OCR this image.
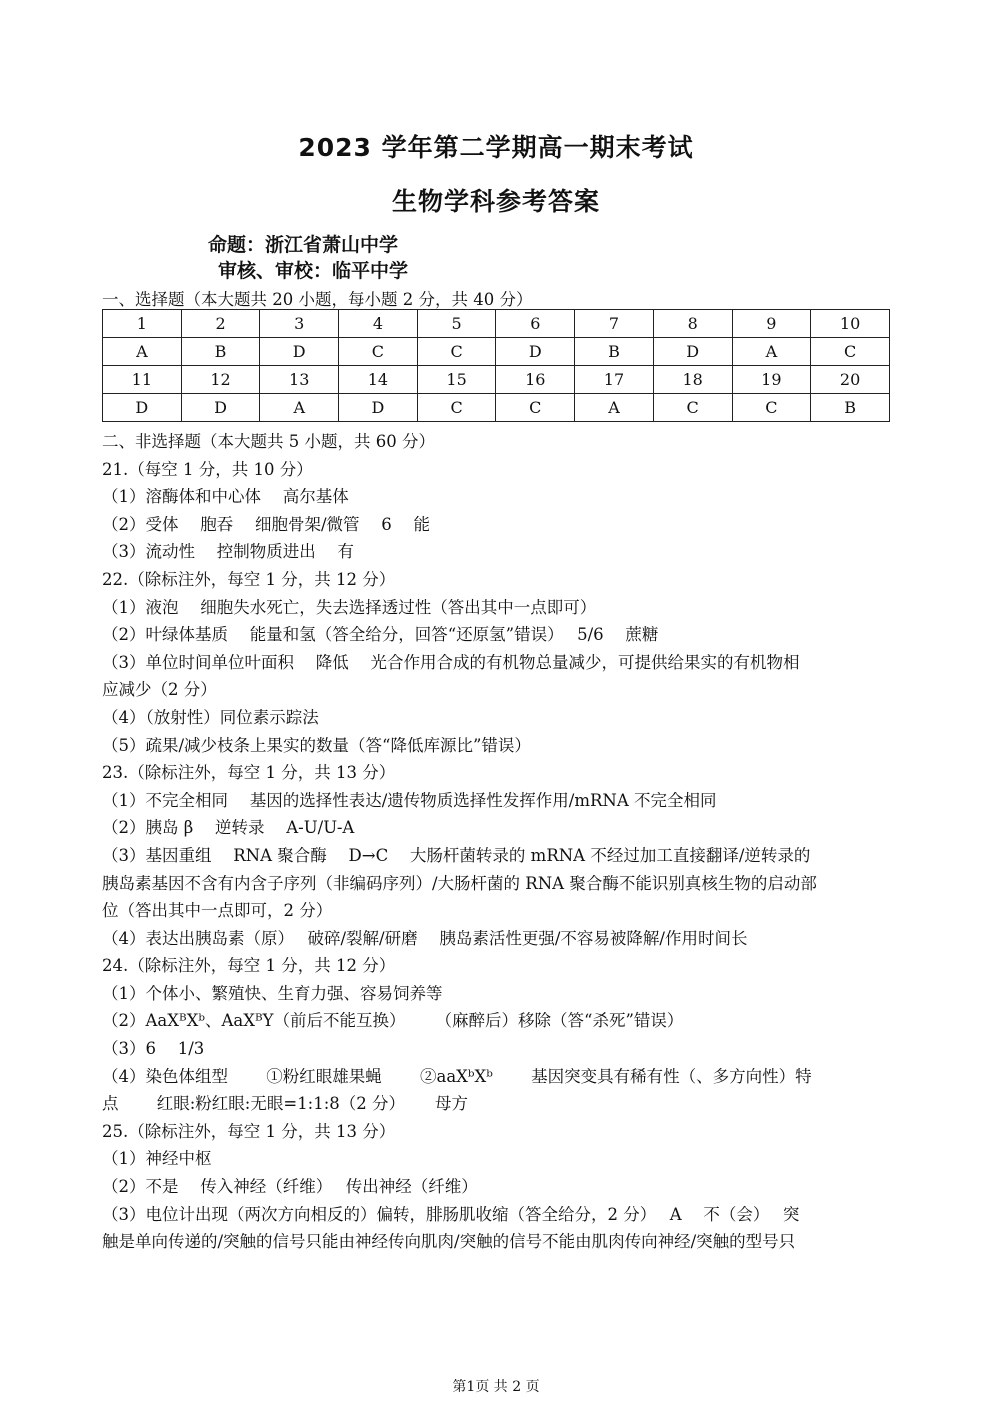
2023 学年第二学期高一期末考试
生物学科参考答案
命题：浙江省萧山中学
审核、审校：临平中学
一、选择题（本大题共 20 小题，每小题 2 分，共 40 分）
1	2	3	4	5	6	7	8	9	10
A	B	D	C	C	D	B	D	A	C
11	12	13	14	15	16	17	18	19	20
D	D	A	D	C	C	A	C	C	B
二、非选择题（本大题共 5 小题，共 60 分）
21.（每空 1 分，共 10 分）
（1）溶酶体和中心体　 高尔基体
（2）受体　 胞吞　 细胞骨架/微管　 6　 能
（3）流动性　 控制物质进出　 有
22.（除标注外，每空 1 分，共 12 分）
（1）液泡　 细胞失水死亡，失去选择透过性（答出其中一点即可）
（2）叶绿体基质　 能量和氢（答全给分，回答“还原氢”错误）　 5/6　 蔗糖
（3）单位时间单位叶面积　 降低　 光合作用合成的有机物总量减少，可提供给果实的有机物相
应减少（2 分）
（4）（放射性）同位素示踪法
（5）疏果/减少枝条上果实的数量（答“降低库源比”错误）
23.（除标注外，每空 1 分，共 13 分）
（1）不完全相同　 基因的选择性表达/遗传物质选择性发挥作用/mRNA 不完全相同
（2）胰岛 β　 逆转录　 A-U/U-A
（3）基因重组　 RNA 聚合酶　 D→C　 大肠杆菌转录的 mRNA 不经过加工直接翻译/逆转录的
胰岛素基因不含有内含子序列（非编码序列）/大肠杆菌的 RNA 聚合酶不能识别真核生物的启动部
位（答出其中一点即可，2 分）
（4）表达出胰岛素（原）　 破碎/裂解/研磨　 胰岛素活性更强/不容易被降解/作用时间长
24.（除标注外，每空 1 分，共 12 分）
（1）个体小、繁殖快、生育力强、容易饲养等
（2）AaXᴮXᵇ、AaXᴮY（前后不能互换）　　 （麻醉后）移除（答“杀死”错误）
（3）6　 1/3
（4）染色体组型　　 ①粉红眼雄果蝇　　 ②aaXᵇXᵇ　　 基因突变具有稀有性（、多方向性）特
点　　 红眼:粉红眼:无眼=1:1:8（2 分）　　 母方
25.（除标注外，每空 1 分，共 13 分）
（1）神经中枢
（2）不是　 传入神经（纤维）　 传出神经（纤维）
（3）电位计出现（两次方向相反的）偏转，腓肠肌收缩（答全给分，2 分）　 A　 不（会）　 突
触是单向传递的/突触的信号只能由神经传向肌肉/突触的信号不能由肌肉传向神经/突触的型号只
第1页 共 2 页
